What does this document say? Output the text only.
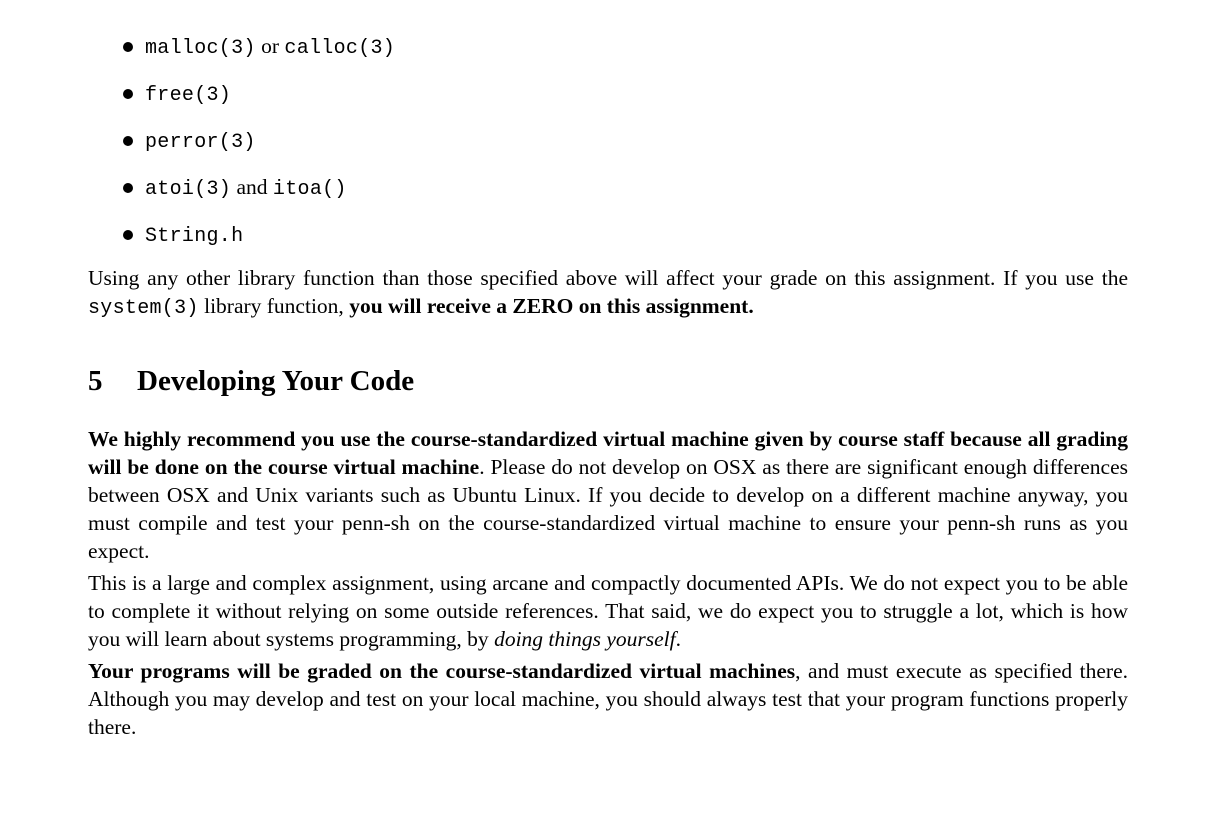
malloc(3) or calloc(3)
free(3)
perror(3)
atoi(3) and itoa()
String.h

Using any other library function than those specified above will affect your grade on this assignment. If you use the system(3) library function, you will receive a ZERO on this assignment.

5 Developing Your Code

We highly recommend you use the course-standardized virtual machine given by course staff because all grading will be done on the course virtual machine. Please do not develop on OSX as there are significant enough differences between OSX and Unix variants such as Ubuntu Linux. If you decide to develop on a different machine anyway, you must compile and test your penn-sh on the course-standardized virtual machine to ensure your penn-sh runs as you expect.

This is a large and complex assignment, using arcane and compactly documented APIs. We do not expect you to be able to complete it without relying on some outside references. That said, we do expect you to struggle a lot, which is how you will learn about systems programming, by doing things yourself.

Your programs will be graded on the course-standardized virtual machines, and must execute as specified there. Although you may develop and test on your local machine, you should always test that your program functions properly there.
